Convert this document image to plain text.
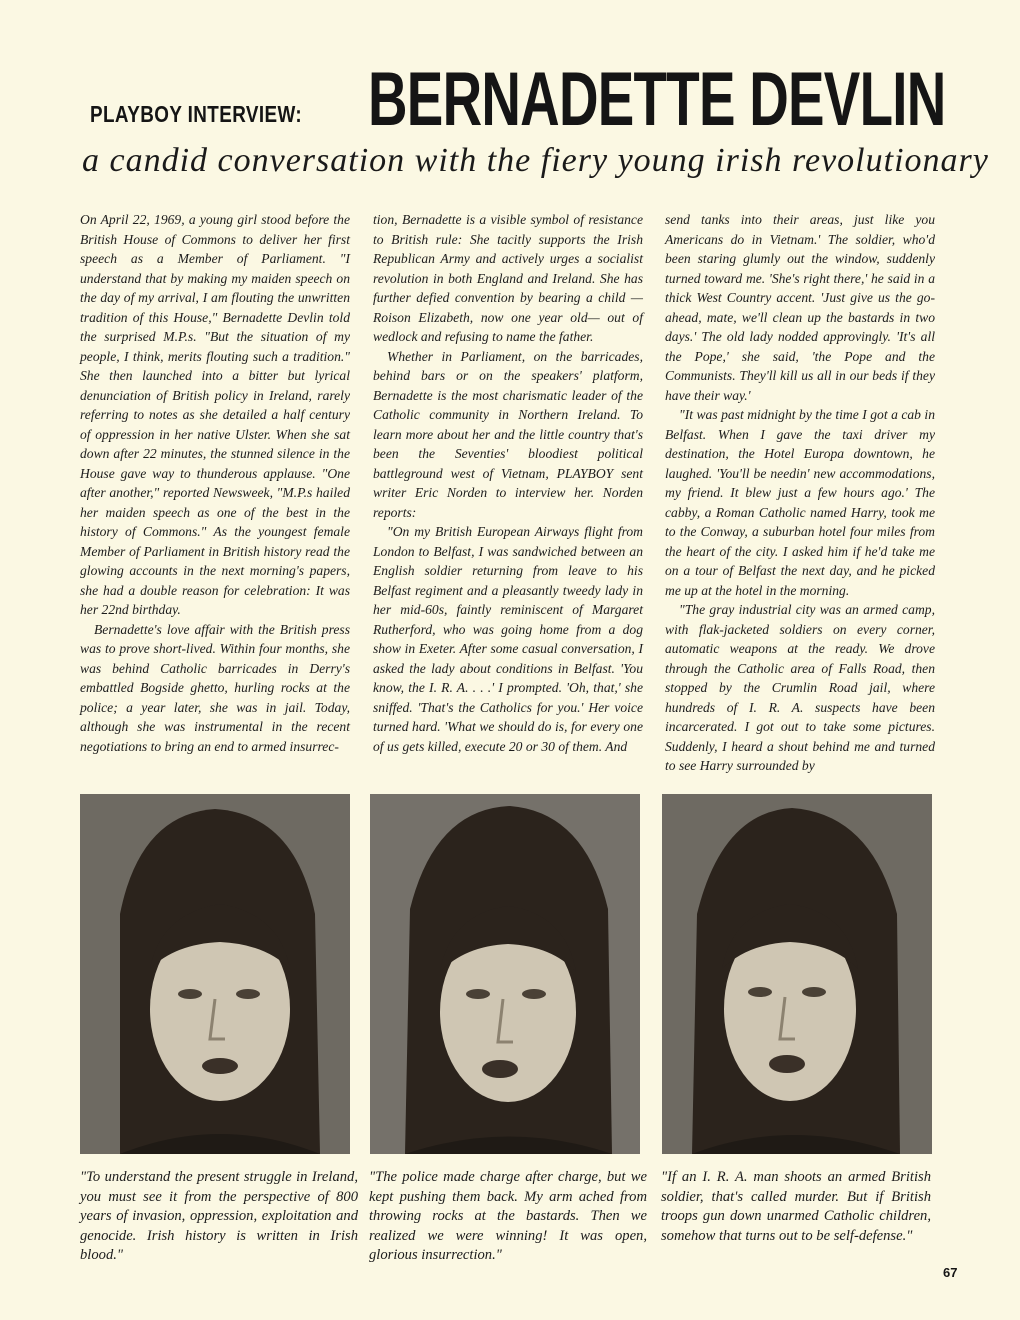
PLAYBOY INTERVIEW: BERNADETTE DEVLIN
a candid conversation with the fiery young irish revolutionary

On April 22, 1969, a young girl stood before the British House of Commons to deliver her first speech as a Member of Parliament. "I understand that by making my maiden speech on the day of my arrival, I am flouting the unwritten tradition of this House," Bernadette Devlin told the surprised M.P.s. "But the situation of my people, I think, merits flouting such a tradition." She then launched into a bitter but lyrical denunciation of British policy in Ireland, rarely referring to notes as she detailed a half century of oppression in her native Ulster. When she sat down after 22 minutes, the stunned silence in the House gave way to thunderous applause. "One after another," reported Newsweek, "M.P.s hailed her maiden speech as one of the best in the history of Commons." As the youngest female Member of Parliament in British history read the glowing accounts in the next morning's papers, she had a double reason for celebration: It was her 22nd birthday.

Bernadette's love affair with the British press was to prove short-lived. Within four months, she was behind Catholic barricades in Derry's embattled Bogside ghetto, hurling rocks at the police; a year later, she was in jail. Today, although she was instrumental in the recent negotiations to bring an end to armed insurrec-

tion, Bernadette is a visible symbol of resistance to British rule: She tacitly supports the Irish Republican Army and actively urges a socialist revolution in both England and Ireland. She has further defied convention by bearing a child —Roison Elizabeth, now one year old— out of wedlock and refusing to name the father.

Whether in Parliament, on the barricades, behind bars or on the speakers' platform, Bernadette is the most charismatic leader of the Catholic community in Northern Ireland. To learn more about her and the little country that's been the Seventies' bloodiest political battleground west of Vietnam, PLAYBOY sent writer Eric Norden to interview her. Norden reports:

"On my British European Airways flight from London to Belfast, I was sandwiched between an English soldier returning from leave to his Belfast regiment and a pleasantly tweedy lady in her mid-60s, faintly reminiscent of Margaret Rutherford, who was going home from a dog show in Exeter. After some casual conversation, I asked the lady about conditions in Belfast. 'You know, the I. R. A. . . .' I prompted. 'Oh, that,' she sniffed. 'That's the Catholics for you.' Her voice turned hard. 'What we should do is, for every one of us gets killed, execute 20 or 30 of them. And

send tanks into their areas, just like you Americans do in Vietnam.' The soldier, who'd been staring glumly out the window, suddenly turned toward me. 'She's right there,' he said in a thick West Country accent. 'Just give us the go-ahead, mate, we'll clean up the bastards in two days.' The old lady nodded approvingly. 'It's all the Pope,' she said, 'the Pope and the Communists. They'll kill us all in our beds if they have their way.'

"It was past midnight by the time I got a cab in Belfast. When I gave the taxi driver my destination, the Hotel Europa downtown, he laughed. 'You'll be needin' new accommodations, my friend. It blew just a few hours ago.' The cabby, a Roman Catholic named Harry, took me to the Conway, a suburban hotel four miles from the heart of the city. I asked him if he'd take me on a tour of Belfast the next day, and he picked me up at the hotel in the morning.

"The gray industrial city was an armed camp, with flak-jacketed soldiers on every corner, automatic weapons at the ready. We drove through the Catholic area of Falls Road, then stopped by the Crumlin Road jail, where hundreds of I. R. A. suspects have been incarcerated. I got out to take some pictures. Suddenly, I heard a shout behind me and turned to see Harry surrounded by

"To understand the present struggle in Ireland, you must see it from the perspective of 800 years of invasion, oppression, exploitation and genocide. Irish history is written in Irish blood."
"The police made charge after charge, but we kept pushing them back. My arm ached from throwing rocks at the bastards. Then we realized we were winning! It was open, glorious insurrection."
"If an I. R. A. man shoots an armed British soldier, that's called murder. But if British troops gun down unarmed Catholic children, somehow that turns out to be self-defense."
67
